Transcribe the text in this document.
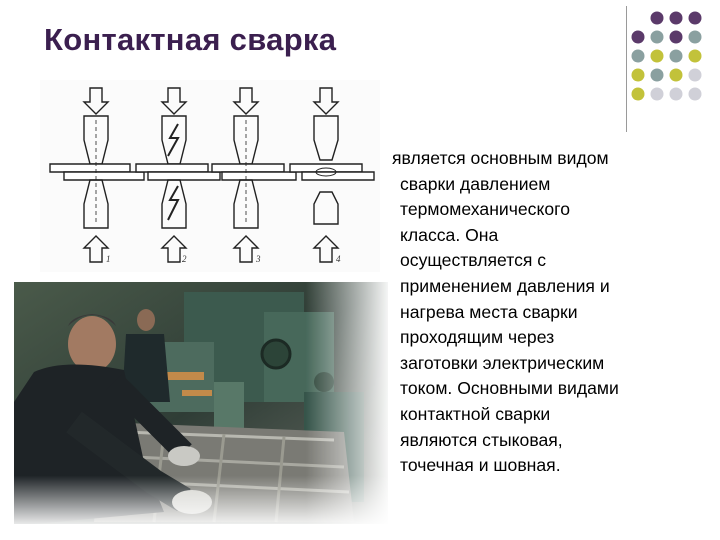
Контактная сварка
1	2	3	4
является основным видом
сварки давлением
термомеханического
класса. Она
осуществляется с
применением давления и
нагрева места сварки
проходящим через
заготовки электрическим
током. Основными видами
контактной сварки
являются стыковая,
точечная и шовная.
